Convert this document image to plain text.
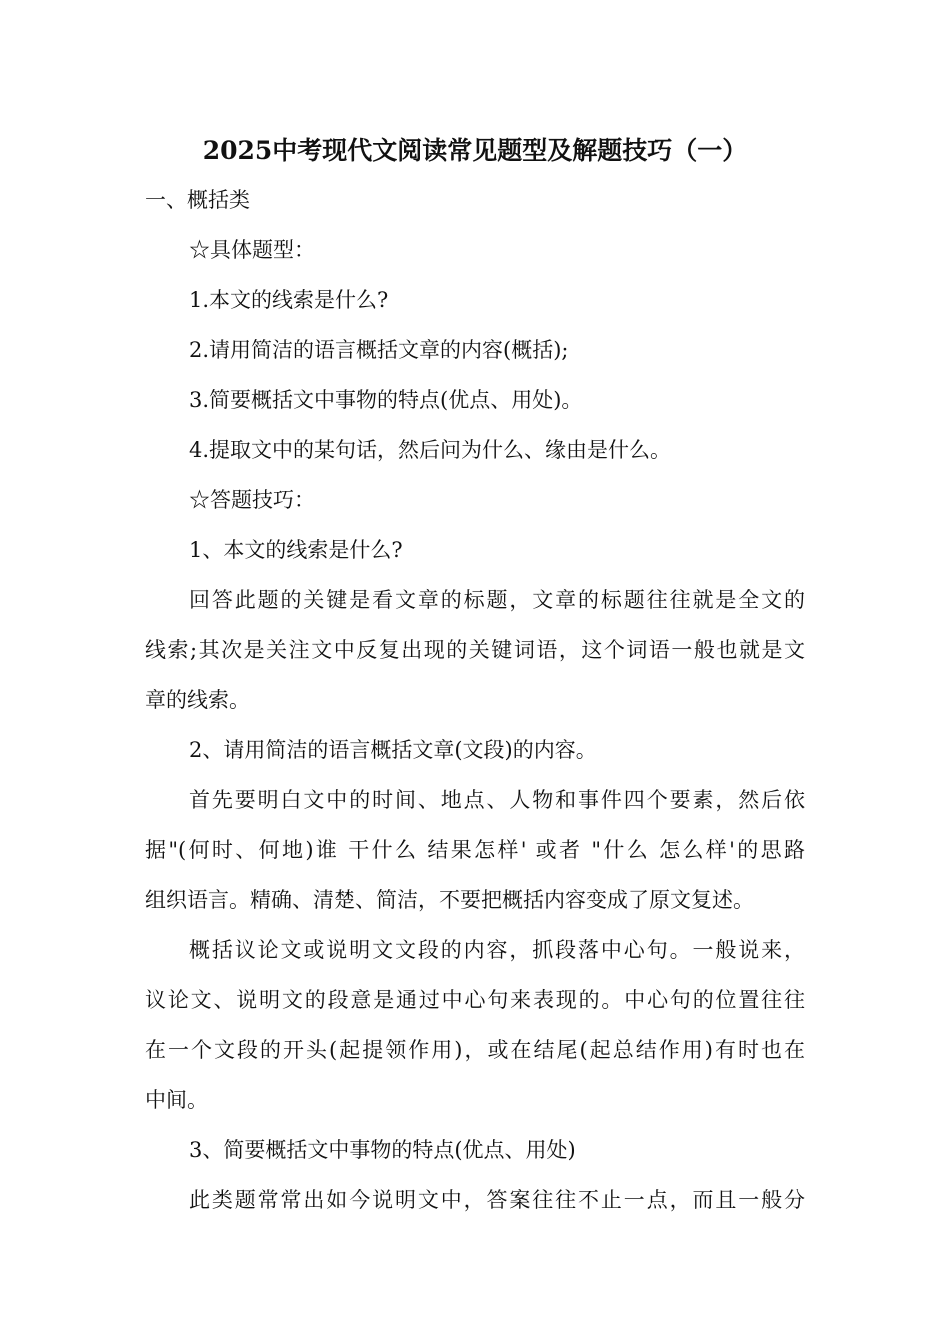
2025中考现代文阅读常见题型及解题技巧（一）
一、概括类
☆具体题型：
1.本文的线索是什么?
2.请用简洁的语言概括文章的内容(概括);
3.简要概括文中事物的特点(优点、用处)。
4.提取文中的某句话，然后问为什么、缘由是什么。
☆答题技巧：
1、本文的线索是什么?
回答此题的关键是看文章的标题，文章的标题往往就是全文的
线索;其次是关注文中反复出现的关键词语，这个词语一般也就是文
章的线索。
2、请用简洁的语言概括文章(文段)的内容。
首先要明白文中的时间、地点、人物和事件四个要素，然后依
据"(何时、何地)谁 干什么 结果怎样' 或者 "什么 怎么样'的思路
组织语言。精确、清楚、简洁，不要把概括内容变成了原文复述。
概括议论文或说明文文段的内容，抓段落中心句。一般说来，
议论文、说明文的段意是通过中心句来表现的。中心句的位置往往
在一个文段的开头(起提领作用)，或在结尾(起总结作用)有时也在
中间。
3、简要概括文中事物的特点(优点、用处)
此类题常常出如今说明文中，答案往往不止一点，而且一般分
